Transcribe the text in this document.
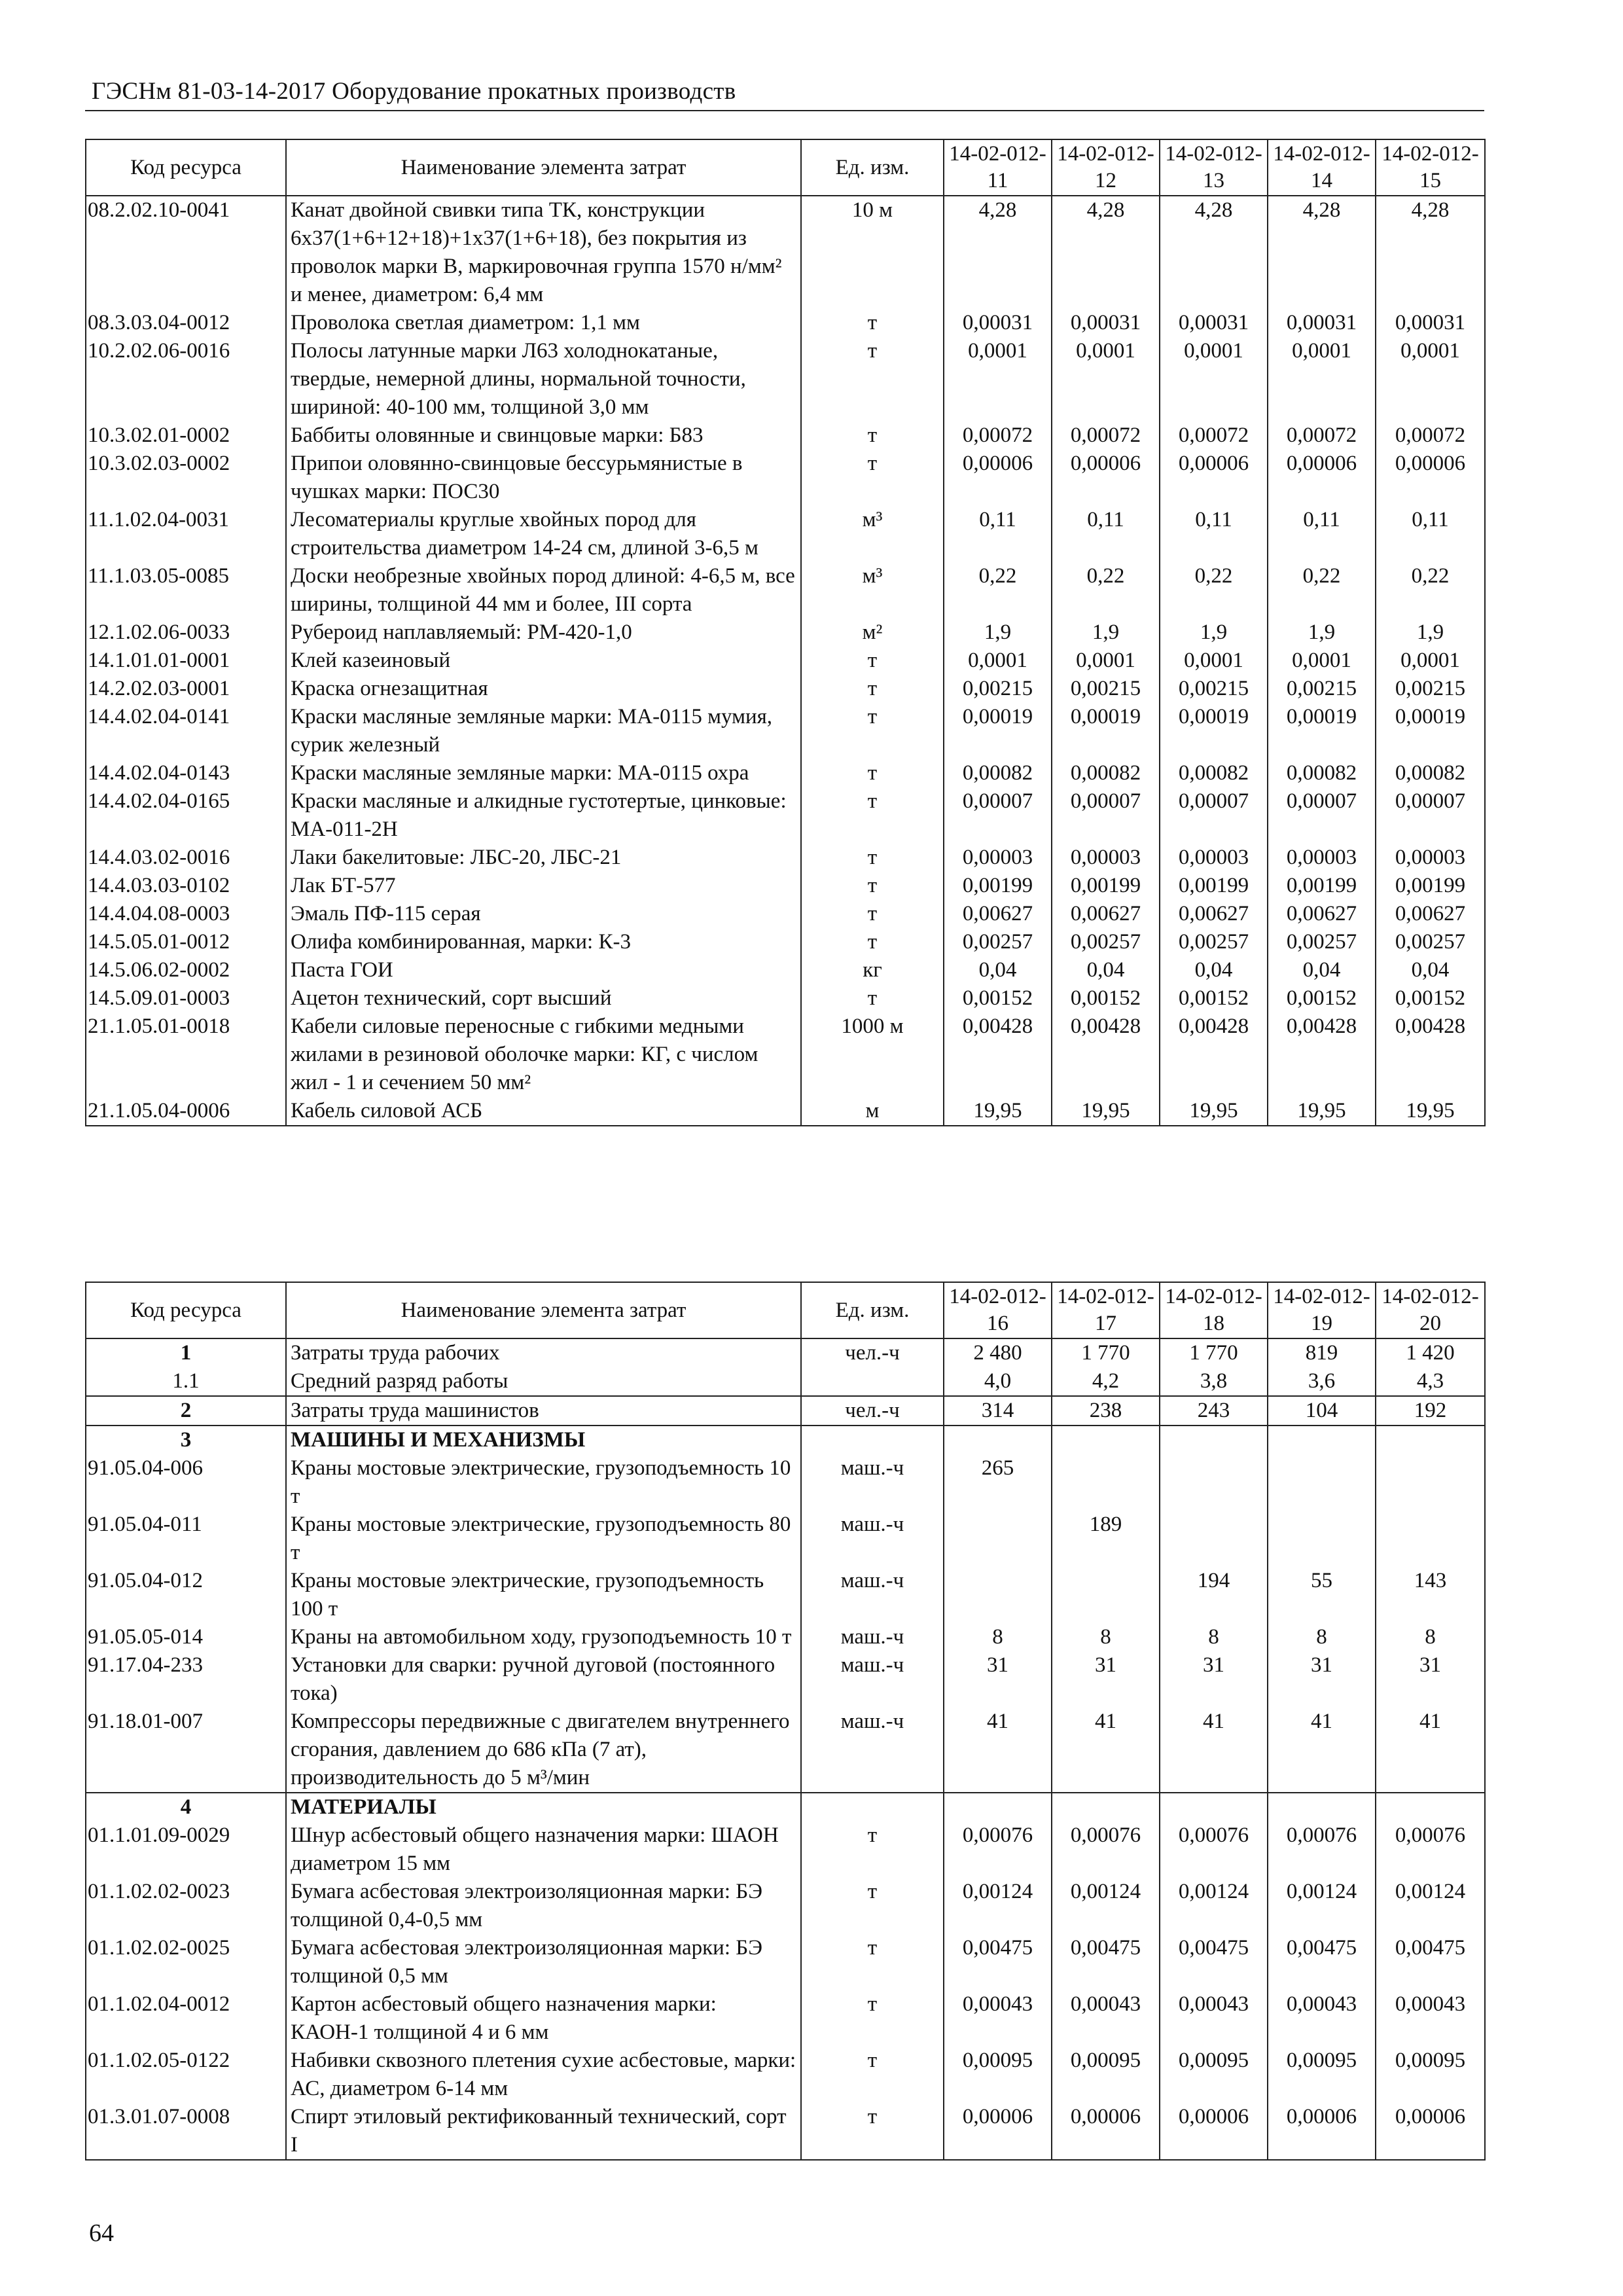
ГЭСНм 81-03-14-2017 Оборудование прокатных производств
Код ресурса	Наименование элемента затрат	Ед. изм.	14-02-012-11	14-02-012-12	14-02-012-13	14-02-012-14	14-02-012-15
08.2.02.10-0041	Канат двойной свивки типа ТК, конструкции 6х37(1+6+12+18)+1х37(1+6+18), без покрытия из проволок марки В, маркировочная группа 1570 н/мм² и менее, диаметром: 6,4 мм	10 м	4,28	4,28	4,28	4,28	4,28
08.3.03.04-0012	Проволока светлая диаметром: 1,1 мм	т	0,00031	0,00031	0,00031	0,00031	0,00031
10.2.02.06-0016	Полосы латунные марки Л63 холоднокатаные, твердые, немерной длины, нормальной точности, шириной: 40-100 мм, толщиной 3,0 мм	т	0,0001	0,0001	0,0001	0,0001	0,0001
10.3.02.01-0002	Баббиты оловянные и свинцовые марки: Б83	т	0,00072	0,00072	0,00072	0,00072	0,00072
10.3.02.03-0002	Припои оловянно-свинцовые бессурьмянистые в чушках марки: ПОС30	т	0,00006	0,00006	0,00006	0,00006	0,00006
11.1.02.04-0031	Лесоматериалы круглые хвойных пород для строительства диаметром 14-24 см, длиной 3-6,5 м	м³	0,11	0,11	0,11	0,11	0,11
11.1.03.05-0085	Доски необрезные хвойных пород длиной: 4-6,5 м, все ширины, толщиной 44 мм и более, III сорта	м³	0,22	0,22	0,22	0,22	0,22
12.1.02.06-0033	Рубероид наплавляемый: РМ-420-1,0	м²	1,9	1,9	1,9	1,9	1,9
14.1.01.01-0001	Клей казеиновый	т	0,0001	0,0001	0,0001	0,0001	0,0001
14.2.02.03-0001	Краска огнезащитная	т	0,00215	0,00215	0,00215	0,00215	0,00215
14.4.02.04-0141	Краски масляные земляные марки: МА-0115 мумия, сурик железный	т	0,00019	0,00019	0,00019	0,00019	0,00019
14.4.02.04-0143	Краски масляные земляные марки: МА-0115 охра	т	0,00082	0,00082	0,00082	0,00082	0,00082
14.4.02.04-0165	Краски масляные и алкидные густотертые, цинковые: МА-011-2Н	т	0,00007	0,00007	0,00007	0,00007	0,00007
14.4.03.02-0016	Лаки бакелитовые: ЛБС-20, ЛБС-21	т	0,00003	0,00003	0,00003	0,00003	0,00003
14.4.03.03-0102	Лак БТ-577	т	0,00199	0,00199	0,00199	0,00199	0,00199
14.4.04.08-0003	Эмаль ПФ-115 серая	т	0,00627	0,00627	0,00627	0,00627	0,00627
14.5.05.01-0012	Олифа комбинированная, марки: К-3	т	0,00257	0,00257	0,00257	0,00257	0,00257
14.5.06.02-0002	Паста ГОИ	кг	0,04	0,04	0,04	0,04	0,04
14.5.09.01-0003	Ацетон технический, сорт высший	т	0,00152	0,00152	0,00152	0,00152	0,00152
21.1.05.01-0018	Кабели силовые переносные с гибкими медными жилами в резиновой оболочке марки: КГ, с числом жил - 1 и сечением 50 мм²	1000 м	0,00428	0,00428	0,00428	0,00428	0,00428
21.1.05.04-0006	Кабель силовой АСБ	м	19,95	19,95	19,95	19,95	19,95
Код ресурса	Наименование элемента затрат	Ед. изм.	14-02-012-16	14-02-012-17	14-02-012-18	14-02-012-19	14-02-012-20
1	Затраты труда рабочих	чел.-ч	2 480	1 770	1 770	819	1 420
1.1	Средний разряд работы		4,0	4,2	3,8	3,6	4,3
2	Затраты труда машинистов	чел.-ч	314	238	243	104	192
3	МАШИНЫ И МЕХАНИЗМЫ						
91.05.04-006	Краны мостовые электрические, грузоподъемность 10 т	маш.-ч	265				
91.05.04-011	Краны мостовые электрические, грузоподъемность 80 т	маш.-ч		189			
91.05.04-012	Краны мостовые электрические, грузоподъемность 100 т	маш.-ч			194	55	143
91.05.05-014	Краны на автомобильном ходу, грузоподъемность 10 т	маш.-ч	8	8	8	8	8
91.17.04-233	Установки для сварки: ручной дуговой (постоянного тока)	маш.-ч	31	31	31	31	31
91.18.01-007	Компрессоры передвижные с двигателем внутреннего сгорания, давлением до 686 кПа (7 ат), производительность до 5 м³/мин	маш.-ч	41	41	41	41	41
4	МАТЕРИАЛЫ						
01.1.01.09-0029	Шнур асбестовый общего назначения марки: ШАОН диаметром 15 мм	т	0,00076	0,00076	0,00076	0,00076	0,00076
01.1.02.02-0023	Бумага асбестовая электроизоляционная марки: БЭ толщиной 0,4-0,5 мм	т	0,00124	0,00124	0,00124	0,00124	0,00124
01.1.02.02-0025	Бумага асбестовая электроизоляционная марки: БЭ толщиной 0,5 мм	т	0,00475	0,00475	0,00475	0,00475	0,00475
01.1.02.04-0012	Картон асбестовый общего назначения марки: КАОН-1 толщиной 4 и 6 мм	т	0,00043	0,00043	0,00043	0,00043	0,00043
01.1.02.05-0122	Набивки сквозного плетения сухие асбестовые, марки: АС, диаметром 6-14 мм	т	0,00095	0,00095	0,00095	0,00095	0,00095
01.3.01.07-0008	Спирт этиловый ректификованный технический, сорт I	т	0,00006	0,00006	0,00006	0,00006	0,00006
64
